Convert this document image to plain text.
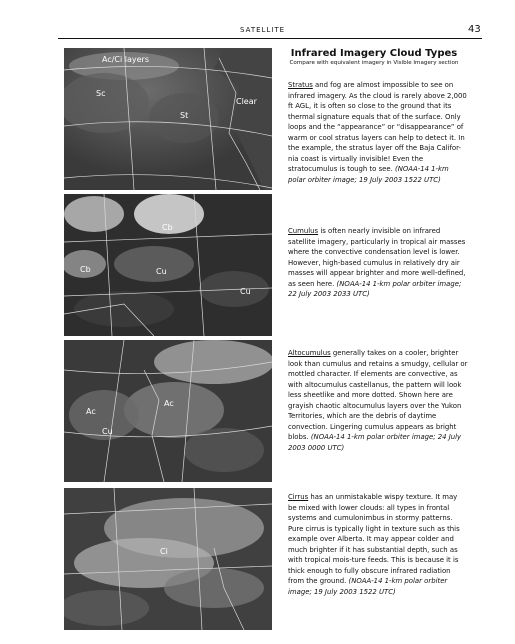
SATELLITE	43
Infrared Imagery Cloud Types
Compare with equivalent imagery in Visible Imagery section
Ac/Ci layers
Sc
St
Clear
Cb
Cb	Cu
Cu
Ac
Ac
Cu
Ci
Stratus and fog are almost impossible to see on infrared imagery. As the cloud is rarely above 2,000 ft AGL, it is often so close to the ground that its thermal signature equals that of the surface. Only loops and the “appearance” or “disappearance” of warm or cool stratus layers can help to detect it. In the example, the stratus layer off the Baja Califor-nia coast is virtually invisible! Even the stratocumulus is tough to see. (NOAA-14 1-km polar orbiter image; 19 July 2003 1522 UTC)
Cumulus is often nearly invisible on infrared satellite imagery, particularly in tropical air masses where the convective condensation level is lower. However, high-based cumulus in relatively dry air masses will appear brighter and more well-defined, as seen here. (NOAA-14 1-km polar orbiter image; 22 July 2003 2033 UTC)
Altocumulus generally takes on a cooler, brighter look than cumulus and retains a smudgy, cellular or mottled character. If elements are convective, as with altocumulus castellanus, the pattern will look less sheetlike and more dotted. Shown here are grayish chaotic altocumulus layers over the Yukon Territories, which are the debris of daytime convection. Lingering cumulus appears as bright blobs. (NOAA-14 1-km polar orbiter image; 24 July 2003 0000 UTC)
Cirrus has an unmistakable wispy texture. It may be mixed with lower clouds: all types in frontal systems and cumulonimbus in stormy patterns. Pure cirrus is typically light in texture such as this example over Alberta. It may appear colder and much brighter if it has substantial depth, such as with tropical mois-ture feeds. This is because it is thick enough to fully obscure infrared radiation from the ground. (NOAA-14 1-km polar orbiter image; 19 July 2003 1522 UTC)
